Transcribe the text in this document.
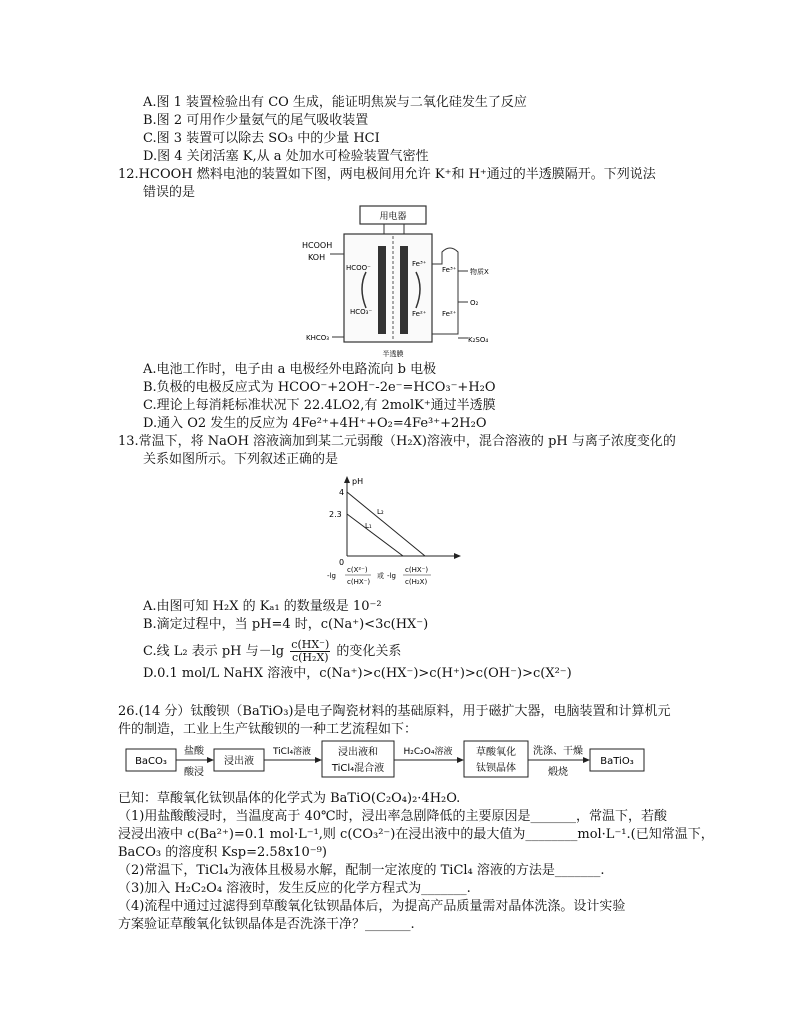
A.图 1 装置检验出有 CO 生成，能证明焦炭与二氧化硅发生了反应
B.图 2 可用作少量氨气的尾气吸收装置
C.图 3 装置可以除去 SO₃ 中的少量 HCI
D.图 4 关闭活塞 K,从 a 处加水可检验装置气密性
12.HCOOH 燃料电池的装置如下图，两电极间用允许 K⁺和 H⁺通过的半透膜隔开。下列说法
错误的是
用电器
HCOOH
KOH
HCOO⁻
HCO₃⁻
KHCO₃
Fe³⁺
Fe²⁺
Fe³⁺
Fe²⁺
物质X
O₂
K₂SO₄
半透膜
A.电池工作时，电子由 a 电极经外电路流向 b 电极
B.负极的电极反应式为 HCOO⁻+2OH⁻-2e⁻=HCO₃⁻+H₂O
C.理论上每消耗标准状况下 22.4LO2,有 2molK⁺通过半透膜
D.通入 O2 发生的反应为 4Fe²⁺+4H⁺+O₂=4Fe³⁺+2H₂O
13.常温下，将 NaOH 溶液滴加到某二元弱酸（H₂X)溶液中，混合溶液的 pH 与离子浓度变化的
关系如图所示。下列叙述正确的是
pH
4
2.3
0
L₂
L₁
-lg
c(X²⁻)
c(HX⁻)
或 -lg
c(HX⁻)
c(H₂X)
A.由图可知 H₂X 的 Kₐ₁ 的数量级是 10⁻²
B.滴定过程中，当 pH=4 时，c(Na⁺)<3c(HX⁻)
C.线 L₂ 表示 pH 与$-\lg \frac{c(HX^-)}{\text{c(H₂X)}}$ 的变化关系
D.0.1 mol/L NaHX 溶液中，c(Na⁺)>c(HX⁻)>c(H⁺)>c(OH⁻)>c(X²⁻)
26.(14 分）钛酸钡（BaTiO₃)是电子陶瓷材料的基础原料，用于磁扩大器，电脑装置和计算机元
件的制造，工业上生产钛酸钡的一种工艺流程如下：
BaCO₃
盐酸
酸浸
浸出液
TiCl₄溶液	浸出液和
TiCl₄混合液
H₂C₂O₄溶液 草酸氧化
钛钡晶体
洗涤、干燥
煅烧
BaTiO₃
已知：草酸氧化钛钡晶体的化学式为 BaTiO(C₂O₄)₂·4H₂O.
（1)用盐酸酸浸时，当温度高于 40℃时，浸出率急剧降低的主要原因是_______，常温下，若酸
浸浸出液中 c(Ba²⁺)=0.1 mol·L⁻¹,则 c(CO₃²⁻)在浸出液中的最大值为________mol·L⁻¹.(已知常温下，
BaCO₃ 的溶度积 Ksp=2.58x10⁻⁹)
（2)常温下，TiCl₄为液体且极易水解，配制一定浓度的 TiCl₄ 溶液的方法是_______.
（3)加入 H₂C₂O₄ 溶液时，发生反应的化学方程式为_______.
（4)流程中通过过滤得到草酸氧化钛钡晶体后，为提高产品质量需对晶体洗涤。设计实验
方案验证草酸氧化钛钡晶体是否洗涤干净？_______.
